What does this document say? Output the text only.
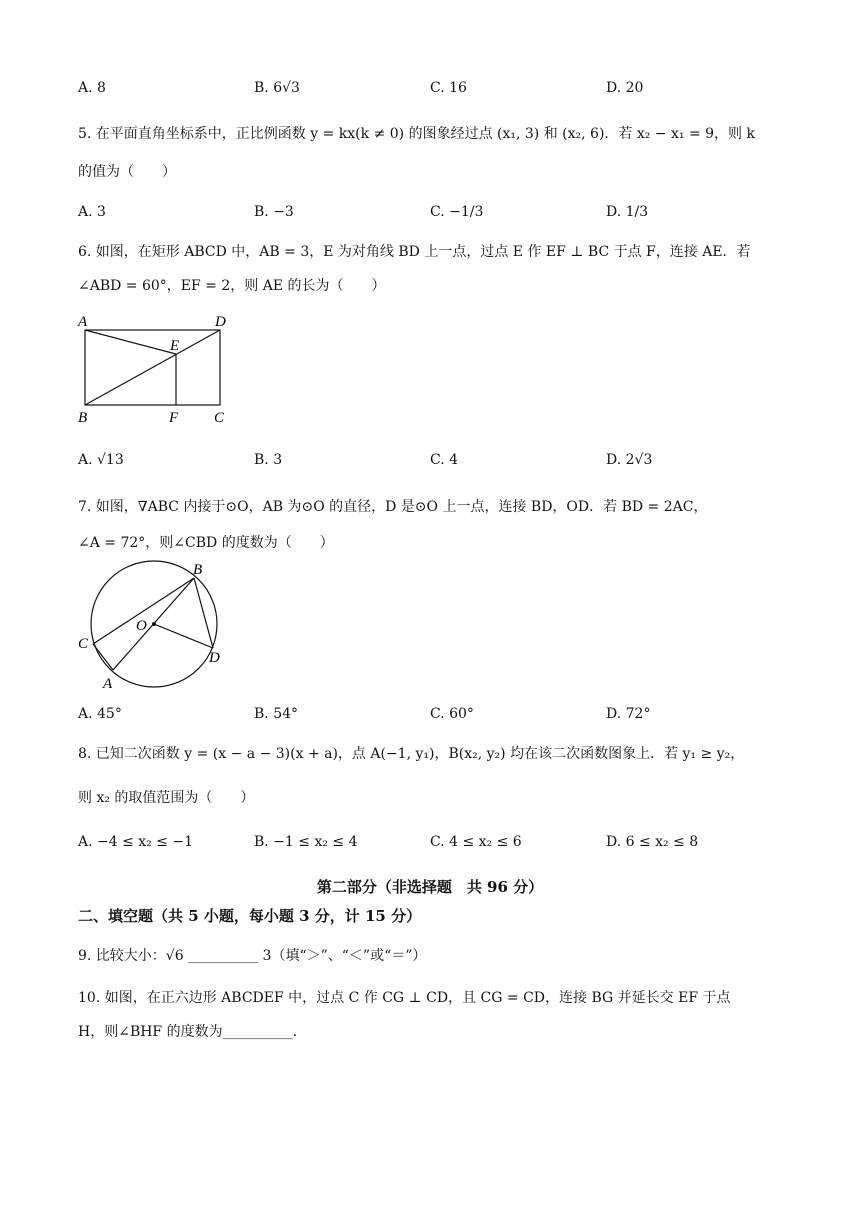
A. 8	B. 6√3	C. 16	D. 20
5. 在平面直角坐标系中，正比例函数 y = kx(k ≠ 0) 的图象经过点 (x₁, 3) 和 (x₂, 6)．若 x₂ − x₁ = 9，则 k
的值为（　　）
A. 3	B. −3	C. −1/3	D. 1/3
6. 如图，在矩形 ABCD 中，AB = 3，E 为对角线 BD 上一点，过点 E 作 EF ⊥ BC 于点 F，连接 AE．若
∠ABD = 60°，EF = 2，则 AE 的长为（　　）
A	D
E
B	F C
A. √13	B. 3	C. 4	D. 2√3
7. 如图，∇ABC 内接于⊙O，AB 为⊙O 的直径，D 是⊙O 上一点，连接 BD，OD．若 BD = 2AC，
∠A = 72°，则∠CBD 的度数为（　　）
B
O
C
D
A
A. 45°	B. 54°	C. 60°	D. 72°
8. 已知二次函数 y = (x − a − 3)(x + a)，点 A(−1, y₁)，B(x₂, y₂) 均在该二次函数图象上．若 y₁ ≥ y₂，
则 x₂ 的取值范围为（　　）
A. −4 ≤ x₂ ≤ −1	B. −1 ≤ x₂ ≤ 4	C. 4 ≤ x₂ ≤ 6	D. 6 ≤ x₂ ≤ 8
第二部分（非选择题　共 96 分）
二、填空题（共 5 小题，每小题 3 分，计 15 分）
9. 比较大小：√6 __________ 3（填“＞”、“＜”或“＝”）
10. 如图，在正六边形 ABCDEF 中，过点 C 作 CG ⊥ CD，且 CG = CD，连接 BG 并延长交 EF 于点
H，则∠BHF 的度数为__________.
